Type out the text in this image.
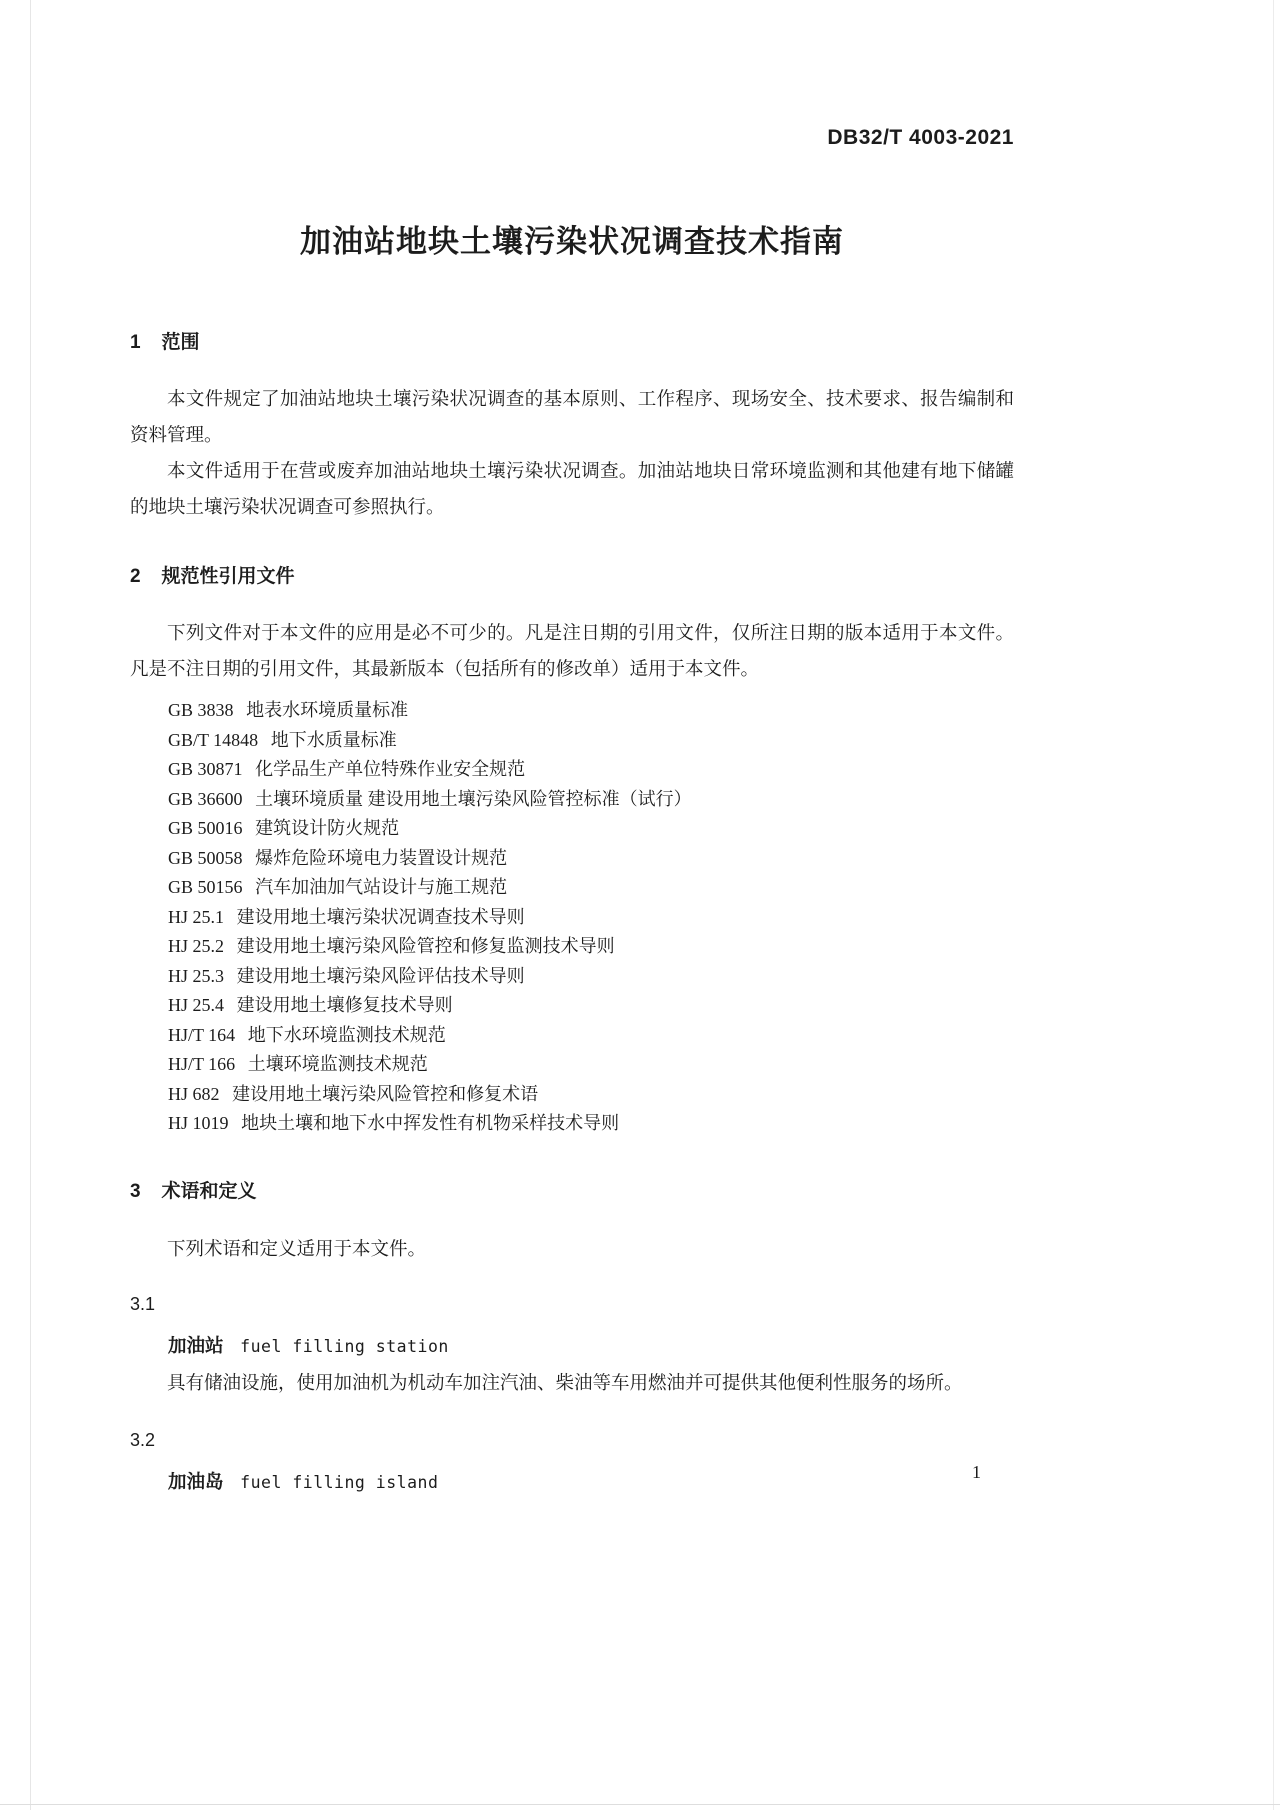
DB32/T 4003-2021
加油站地块土壤污染状况调查技术指南
1 范围

本文件规定了加油站地块土壤污染状况调查的基本原则、工作程序、现场安全、技术要求、报告编制和资料管理。

本文件适用于在营或废弃加油站地块土壤污染状况调查。加油站地块日常环境监测和其他建有地下储罐的地块土壤污染状况调查可参照执行。

2 规范性引用文件

下列文件对于本文件的应用是必不可少的。凡是注日期的引用文件，仅所注日期的版本适用于本文件。凡是不注日期的引用文件，其最新版本（包括所有的修改单）适用于本文件。

GB 3838 地表水环境质量标准
GB/T 14848 地下水质量标准
GB 30871 化学品生产单位特殊作业安全规范
GB 36600 土壤环境质量 建设用地土壤污染风险管控标准（试行）
GB 50016 建筑设计防火规范
GB 50058 爆炸危险环境电力装置设计规范
GB 50156 汽车加油加气站设计与施工规范
HJ 25.1 建设用地土壤污染状况调查技术导则
HJ 25.2 建设用地土壤污染风险管控和修复监测技术导则
HJ 25.3 建设用地土壤污染风险评估技术导则
HJ 25.4 建设用地土壤修复技术导则
HJ/T 164 地下水环境监测技术规范
HJ/T 166 土壤环境监测技术规范
HJ 682 建设用地土壤污染风险管控和修复术语
HJ 1019 地块土壤和地下水中挥发性有机物采样技术导则
3 术语和定义

下列术语和定义适用于本文件。

3.1
加油站 fuel filling station

具有储油设施，使用加油机为机动车加注汽油、柴油等车用燃油并可提供其他便利性服务的场所。

3.2
加油岛 fuel filling island	1
